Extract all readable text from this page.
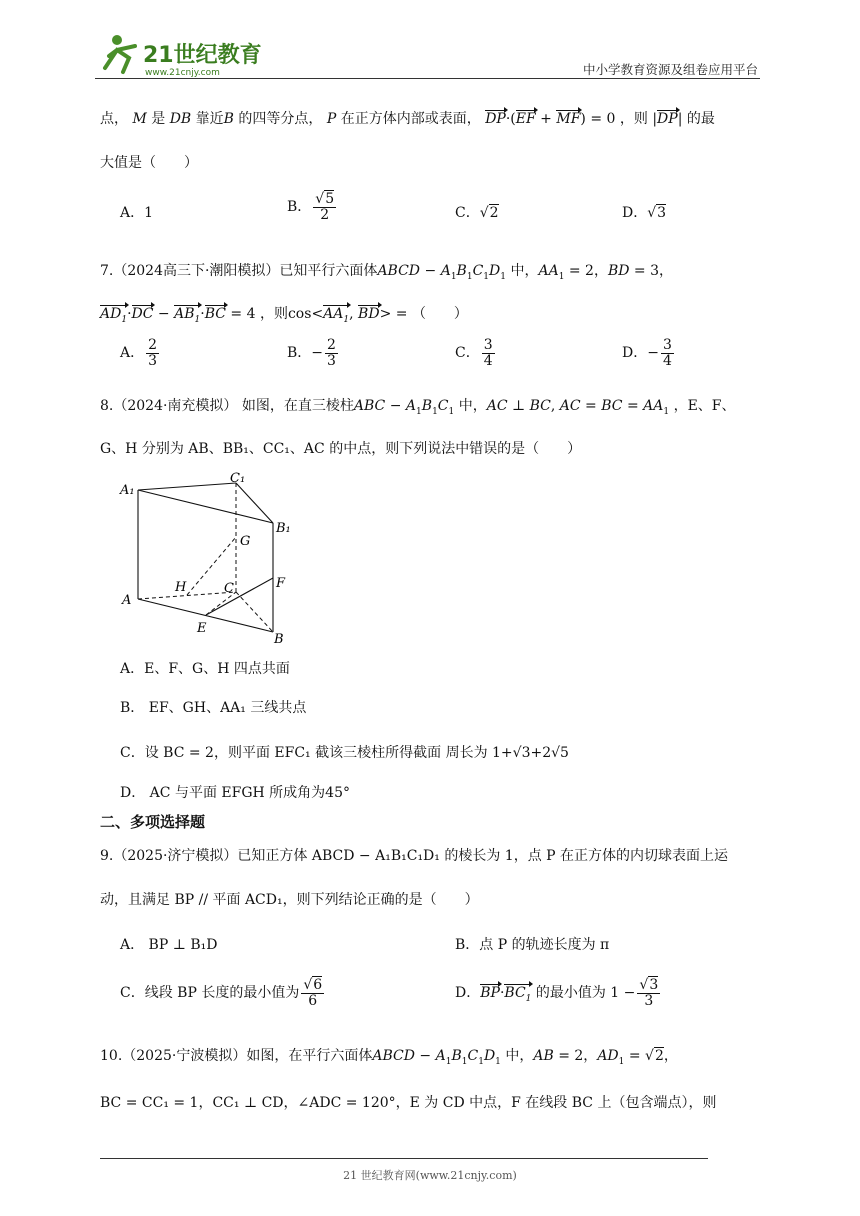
21世纪教育
www.21cnjy.com	中小学教育资源及组卷应用平台
点， M 是 DB 靠近B 的四等分点， P 在正方体内部或表面， DP·(EF + MF) = 0 ，则 |DP| 的最
大值是（　　）
A．1	B． $\frac{√5}{2}$	C．√2	D．√3
7.（2024高三下·潮阳模拟）已知平行六面体ABCD − $A_1B_1C_1D_1$ 中，$AA_1 = 2$，BD = 3，
$AD_1\cdot DC - AB_1\cdot BC = 4$ ，则$\cos<AA_1$, BD> = （　　）
A． $\frac{2}{3}$	B．− $\frac{2}{3}$	C． $\frac{3}{4}$	D．− $\frac{3}{4}$
8.（2024·南充模拟） 如图，在直三棱柱ABC − $A_1B_1C_1$ 中，AC ⊥ BC, AC = BC = $AA_1$ ，E、F、
G、H 分别为 AB、BB₁、CC₁、AC 的中点，则下列说法中错误的是（　　）
A₁
C₁
B₁
G
H	C	F
A
E
B
A．E、F、G、H 四点共面
B． EF、GH、AA₁ 三线共点
C．设 BC = 2，则平面 EFC₁ 截该三棱柱所得截面 周长为 1+√3+2√5
D． AC 与平面 EFGH 所成角为45°
二、多项选择题
9.（2025·济宁模拟）已知正方体 ABCD − A₁B₁C₁D₁ 的棱长为 1，点 P 在正方体的内切球表面上运
动，且满足 BP // 平面 ACD₁，则下列结论正确的是（　　）
A． BP ⊥ B₁D	B．点 P 的轨迹长度为 π
C．线段 BP 长度的最小值为 $\frac{√6}{6}$	D．$BP\cdot BC_1$ 的最小值为 $1 - \frac{√3}{3}$
10.（2025·宁波模拟）如图，在平行六面体ABCD − $A_1B_1C_1D_1$ 中，AB = 2，$AD_1 = √2$，
BC = CC₁ = 1，CC₁ ⊥ CD，∠ADC = 120°，E 为 CD 中点，F 在线段 BC 上（包含端点），则
21 世纪教育网(www.21cnjy.com)
